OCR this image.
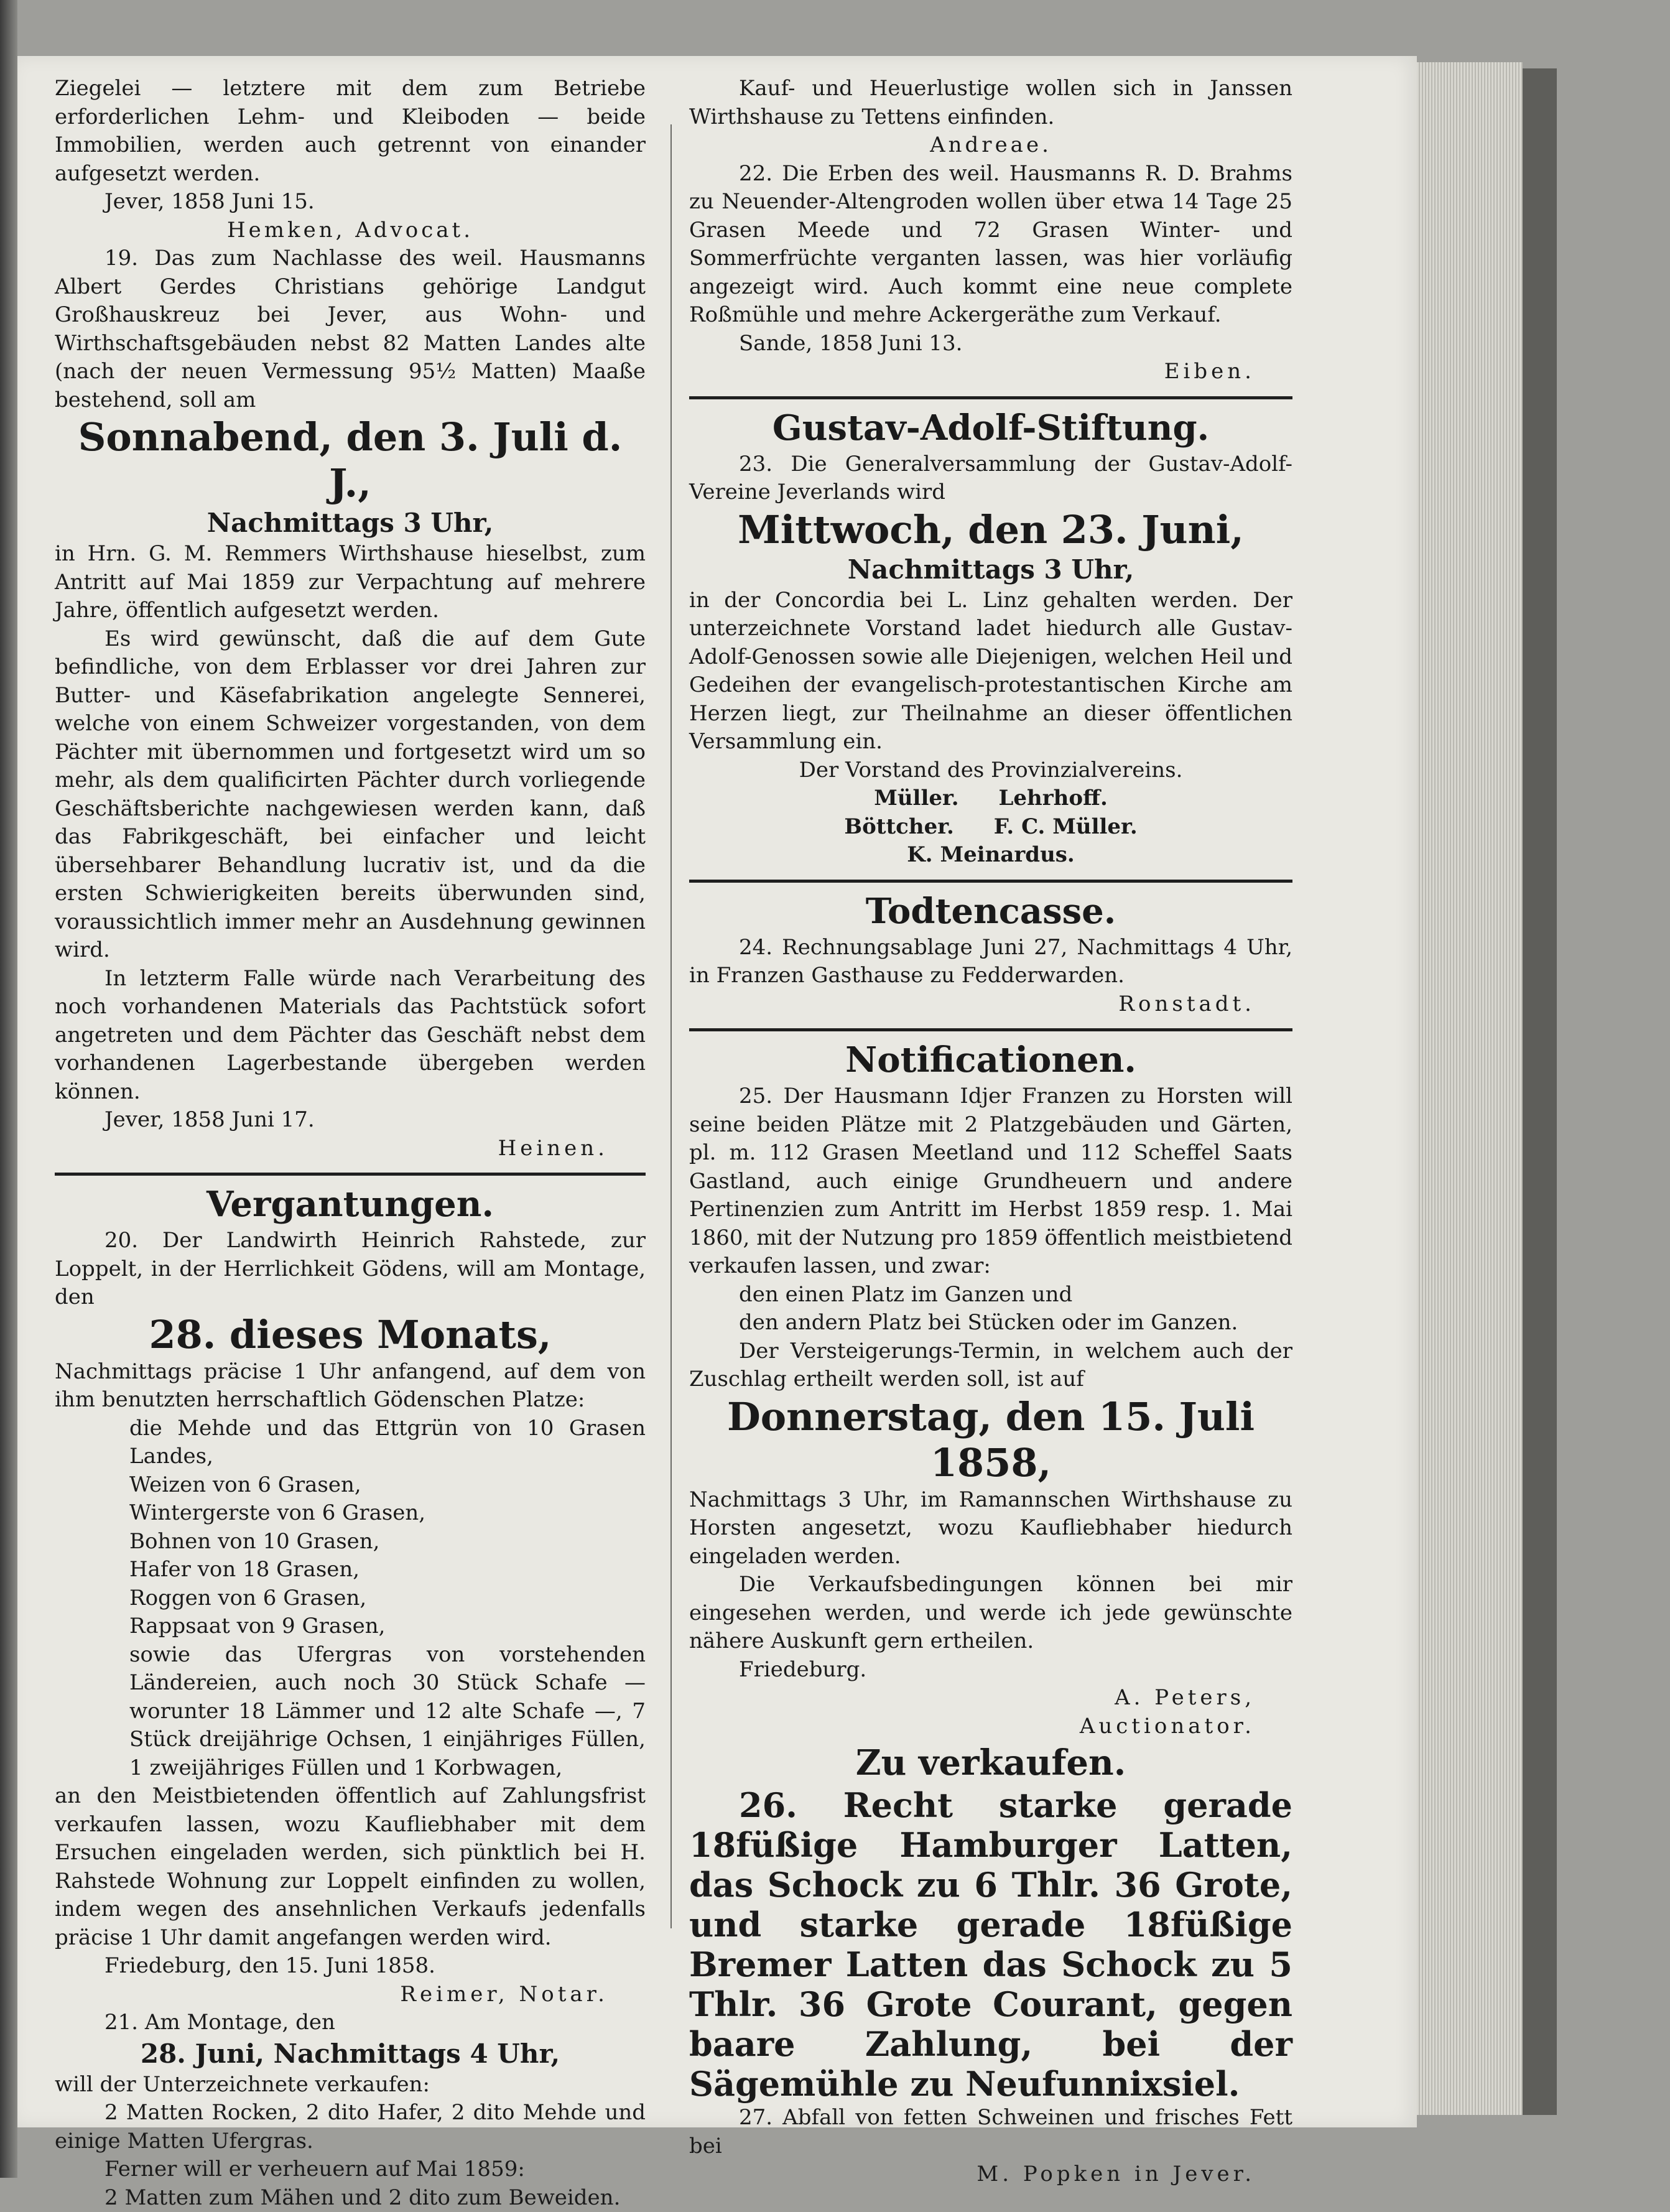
Ziegelei — letztere mit dem zum Betriebe erforderlichen Lehm- und Kleiboden — beide Immobilien, werden auch getrennt von einander aufgesetzt werden.

Jever, 1858 Juni 15.

Hemken, Advocat.

19. Das zum Nachlasse des weil. Hausmanns Albert Gerdes Christians gehörige Landgut Großhauskreuz bei Jever, aus Wohn- und Wirthschaftsgebäuden nebst 82 Matten Landes alte (nach der neuen Vermessung 95½ Matten) Maaße bestehend, soll am

Sonnabend, den 3. Juli d. J.,

Nachmittags 3 Uhr,

in Hrn. G. M. Remmers Wirthshause hieselbst, zum Antritt auf Mai 1859 zur Verpachtung auf mehrere Jahre, öffentlich aufgesetzt werden.

Es wird gewünscht, daß die auf dem Gute befindliche, von dem Erblasser vor drei Jahren zur Butter- und Käsefabrikation angelegte Sennerei, welche von einem Schweizer vorgestanden, von dem Pächter mit übernommen und fortgesetzt wird um so mehr, als dem qualificirten Pächter durch vorliegende Geschäftsberichte nachgewiesen werden kann, daß das Fabrikgeschäft, bei einfacher und leicht übersehbarer Behandlung lucrativ ist, und da die ersten Schwierigkeiten bereits überwunden sind, voraussichtlich immer mehr an Ausdehnung gewinnen wird.

In letzterm Falle würde nach Verarbeitung des noch vorhandenen Materials das Pachtstück sofort angetreten und dem Pächter das Geschäft nebst dem vorhandenen Lagerbestande übergeben werden können.

Jever, 1858 Juni 17.

Heinen.

Vergantungen.

20. Der Landwirth Heinrich Rahstede, zur Loppelt, in der Herrlichkeit Gödens, will am Montage, den

28. dieses Monats,

Nachmittags präcise 1 Uhr anfangend, auf dem von ihm benutzten herrschaftlich Gödenschen Platze:

die Mehde und das Ettgrün von 10 Grasen Landes,

Weizen von 6 Grasen,

Wintergerste von 6 Grasen,

Bohnen von 10 Grasen,

Hafer von 18 Grasen,

Roggen von 6 Grasen,

Rappsaat von 9 Grasen,

sowie das Ufergras von vorstehenden Ländereien, auch noch 30 Stück Schafe — worunter 18 Lämmer und 12 alte Schafe —, 7 Stück dreijährige Ochsen, 1 einjähriges Füllen, 1 zweijähriges Füllen und 1 Korbwagen,

an den Meistbietenden öffentlich auf Zahlungsfrist verkaufen lassen, wozu Kaufliebhaber mit dem Ersuchen eingeladen werden, sich pünktlich bei H. Rahstede Wohnung zur Loppelt einfinden zu wollen, indem wegen des ansehnlichen Verkaufs jedenfalls präcise 1 Uhr damit angefangen werden wird.

Friedeburg, den 15. Juni 1858.

Reimer, Notar.

21. Am Montage, den

28. Juni, Nachmittags 4 Uhr,

will der Unterzeichnete verkaufen:

2 Matten Rocken, 2 dito Hafer, 2 dito Mehde und einige Matten Ufergras.

Ferner will er verheuern auf Mai 1859:

2 Matten zum Mähen und 2 dito zum Beweiden.

Kauf- und Heuerlustige wollen sich in Janssen Wirthshause zu Tettens einfinden.

Andreae.

22. Die Erben des weil. Hausmanns R. D. Brahms zu Neuender-Altengroden wollen über etwa 14 Tage 25 Grasen Meede und 72 Grasen Winter- und Sommerfrüchte verganten lassen, was hier vorläufig angezeigt wird. Auch kommt eine neue complete Roßmühle und mehre Ackergeräthe zum Verkauf.

Sande, 1858 Juni 13.

Eiben.

Gustav-Adolf-Stiftung.

23. Die Generalversammlung der Gustav-Adolf-Vereine Jeverlands wird

Mittwoch, den 23. Juni,

Nachmittags 3 Uhr,

in der Concordia bei L. Linz gehalten werden. Der unterzeichnete Vorstand ladet hiedurch alle Gustav-Adolf-Genossen sowie alle Diejenigen, welchen Heil und Gedeihen der evangelisch-protestantischen Kirche am Herzen liegt, zur Theilnahme an dieser öffentlichen Versammlung ein.

Der Vorstand des Provinzialvereins.

Müller. Lehrhoff.
Böttcher. F. C. Müller.
K. Meinardus.

Todtencasse.

24. Rechnungsablage Juni 27, Nachmittags 4 Uhr, in Franzen Gasthause zu Fedderwarden.

Ronstadt.

Notificationen.

25. Der Hausmann Idjer Franzen zu Horsten will seine beiden Plätze mit 2 Platzgebäuden und Gärten, pl. m. 112 Grasen Meetland und 112 Scheffel Saats Gastland, auch einige Grundheuern und andere Pertinenzien zum Antritt im Herbst 1859 resp. 1. Mai 1860, mit der Nutzung pro 1859 öffentlich meistbietend verkaufen lassen, und zwar:

den einen Platz im Ganzen und

den andern Platz bei Stücken oder im Ganzen.

Der Versteigerungs-Termin, in welchem auch der Zuschlag ertheilt werden soll, ist auf

Donnerstag, den 15. Juli 1858,

Nachmittags 3 Uhr, im Ramannschen Wirthshause zu Horsten angesetzt, wozu Kaufliebhaber hiedurch eingeladen werden.

Die Verkaufsbedingungen können bei mir eingesehen werden, und werde ich jede gewünschte nähere Auskunft gern ertheilen.

Friedeburg.

A. Peters,

Auctionator.

Zu verkaufen.

26. Recht starke gerade 18füßige Hamburger Latten, das Schock zu 6 Thlr. 36 Grote, und starke gerade 18füßige Bremer Latten das Schock zu 5 Thlr. 36 Grote Courant, gegen baare Zahlung, bei der Sägemühle zu Neufunnixsiel.

27. Abfall von fetten Schweinen und frisches Fett bei

M. Popken in Jever.
